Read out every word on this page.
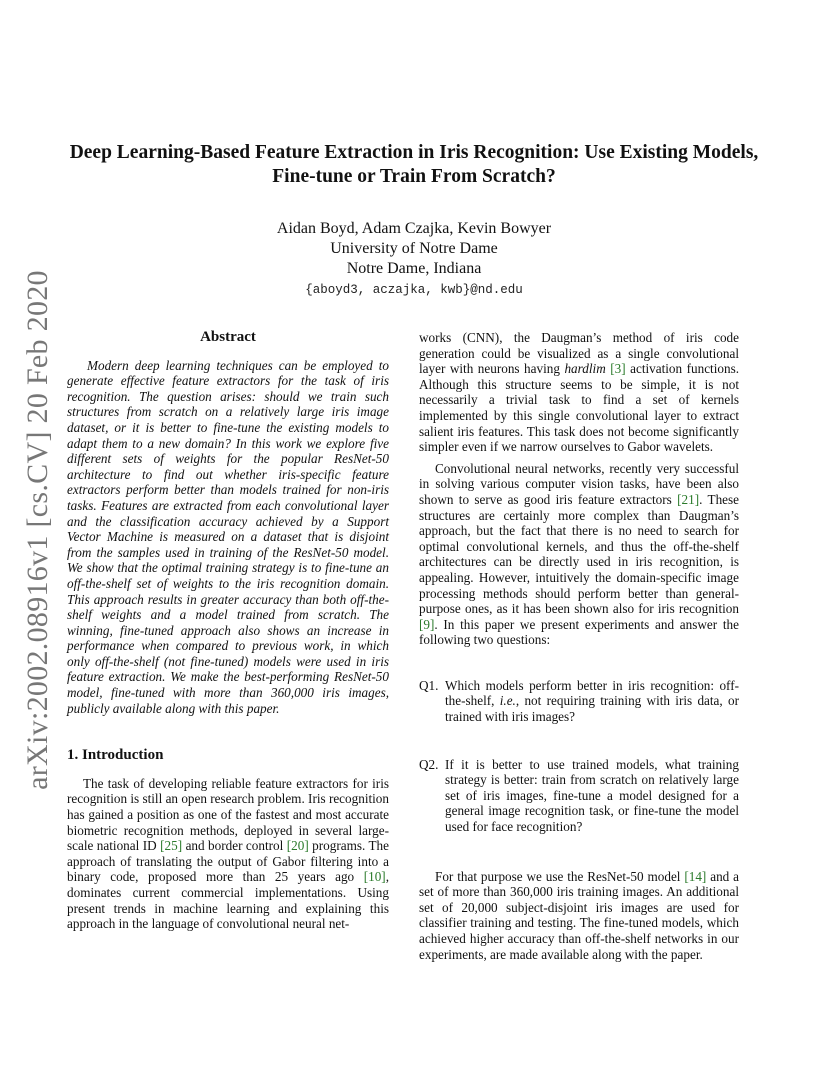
arXiv:2002.08916v1 [cs.CV] 20 Feb 2020
Deep Learning-Based Feature Extraction in Iris Recognition: Use Existing Models, Fine-tune or Train From Scratch?
Aidan Boyd, Adam Czajka, Kevin Bowyer
University of Notre Dame
Notre Dame, Indiana
{aboyd3, aczajka, kwb}@nd.edu
Abstract

Modern deep learning techniques can be employed to generate effective feature extractors for the task of iris recognition. The question arises: should we train such structures from scratch on a relatively large iris image dataset, or it is better to fine-tune the existing models to adapt them to a new domain? In this work we explore five different sets of weights for the popular ResNet-50 architecture to find out whether iris-specific feature extractors perform better than models trained for non-iris tasks. Features are extracted from each convolutional layer and the classification accuracy achieved by a Support Vector Machine is measured on a dataset that is disjoint from the samples used in training of the ResNet-50 model. We show that the optimal training strategy is to fine-tune an off-the-shelf set of weights to the iris recognition domain. This approach results in greater accuracy than both off-the-shelf weights and a model trained from scratch. The winning, fine-tuned approach also shows an increase in performance when compared to previous work, in which only off-the-shelf (not fine-tuned) models were used in iris feature extraction. We make the best-performing ResNet-50 model, fine-tuned with more than 360,000 iris images, publicly available along with this paper.

1. Introduction

The task of developing reliable feature extractors for iris recognition is still an open research problem. Iris recognition has gained a position as one of the fastest and most accurate biometric recognition methods, deployed in several large-scale national ID [25] and border control [20] programs. The approach of translating the output of Gabor filtering into a binary code, proposed more than 25 years ago [10], dominates current commercial implementations. Using present trends in machine learning and explaining this approach in the language of convolutional neural net-

works (CNN), the Daugman’s method of iris code generation could be visualized as a single convolutional layer with neurons having hardlim [3] activation functions. Although this structure seems to be simple, it is not necessarily a trivial task to find a set of kernels implemented by this single convolutional layer to extract salient iris features. This task does not become significantly simpler even if we narrow ourselves to Gabor wavelets.

Convolutional neural networks, recently very successful in solving various computer vision tasks, have been also shown to serve as good iris feature extractors [21]. These structures are certainly more complex than Daugman’s approach, but the fact that there is no need to search for optimal convolutional kernels, and thus the off-the-shelf architectures can be directly used in iris recognition, is appealing. However, intuitively the domain-specific image processing methods should perform better than general-purpose ones, as it has been shown also for iris recognition [9]. In this paper we present experiments and answer the following two questions:

Q1. Which models perform better in iris recognition: off-the-shelf, i.e., not requiring training with iris data, or trained with iris images?
Q2. If it is better to use trained models, what training strategy is better: train from scratch on relatively large set of iris images, fine-tune a model designed for a general image recognition task, or fine-tune the model used for face recognition?

For that purpose we use the ResNet-50 model [14] and a set of more than 360,000 iris training images. An additional set of 20,000 subject-disjoint iris images are used for classifier training and testing. The fine-tuned models, which achieved higher accuracy than off-the-shelf networks in our experiments, are made available along with the paper.
